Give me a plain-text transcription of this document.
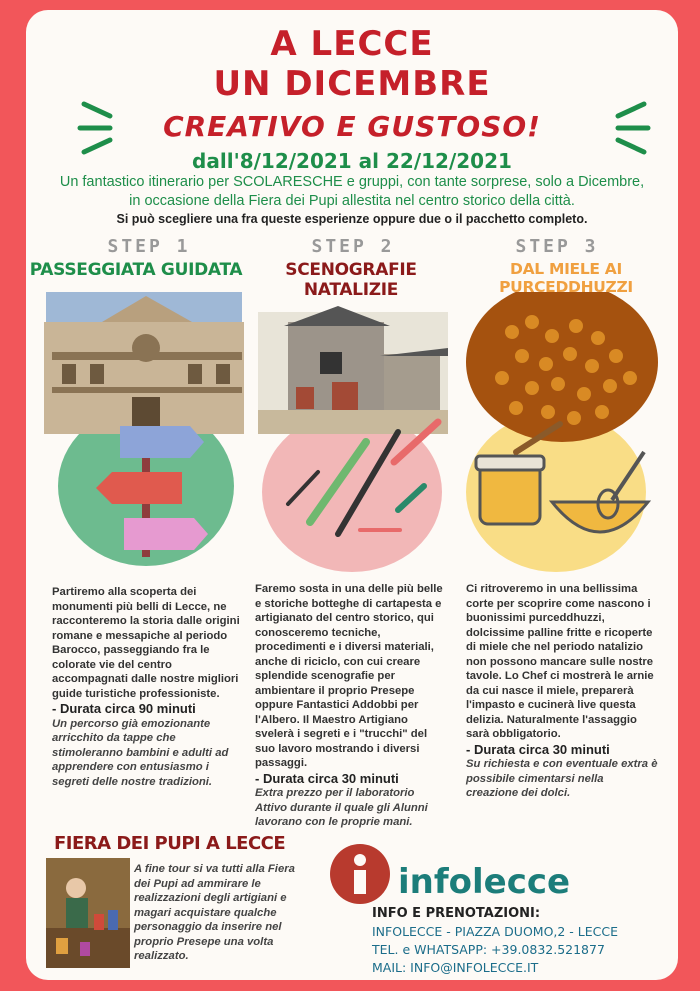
A LECCE
UN DICEMBRE
CREATIVO E GUSTOSO!
dall'8/12/2021 al 22/12/2021
Un fantastico itinerario per SCOLARESCHE e gruppi, con tante sorprese, solo a Dicembre, in occasione della Fiera dei Pupi allestita nel centro storico della città.
Si può scegliere una fra queste esperienze oppure due o il pacchetto completo.
STEP 1	STEP 2	STEP 3
PASSEGGIATA GUIDATA	SCENOGRAFIE NATALIZIE
DAL MIELE AI PURCEDDHUZZI
Partiremo alla scoperta dei monumenti più belli di Lecce, ne racconteremo la storia dalle origini romane e messapiche al periodo Barocco, passeggiando fra le colorate vie del centro accompagnati dalle nostre migliori guide turistiche professioniste.
- Durata circa 90 minuti
Un percorso già emozionante arricchito da tappe che stimoleranno bambini e adulti ad apprendere con entusiasmo i segreti delle nostre tradizioni.
Faremo sosta in una delle più belle e storiche botteghe di cartapesta e artigianato del centro storico, qui conosceremo tecniche, procedimenti e i diversi materiali, anche di riciclo, con cui creare splendide scenografie per ambientare il proprio Presepe oppure Fantastici Addobbi per l'Albero. Il Maestro Artigiano svelerà i segreti e i "trucchi" del suo lavoro mostrando i diversi passaggi.
- Durata circa 30 minuti
Extra prezzo per il laboratorio Attivo durante il quale gli Alunni lavorano con le proprie mani.
Ci ritroveremo in una bellissima corte per scoprire come nascono i buonissimi purceddhuzzi, dolcissime palline fritte e ricoperte di miele che nel periodo natalizio non possono mancare sulle nostre tavole. Lo Chef ci mostrerà le arnie da cui nasce il miele, preparerà l'impasto e cucinerà live questa delizia. Naturalmente l'assaggio sarà obbligatorio.
- Durata circa 30 minuti
Su richiesta e con eventuale extra è possibile cimentarsi nella creazione dei dolci.
FIERA DEI PUPI A LECCE
A fine tour si va tutti alla Fiera dei Pupi ad ammirare le realizzazioni degli artigiani e magari acquistare qualche personaggio da inserire nel proprio Presepe una volta realizzato.
infolecce
INFO E PRENOTAZIONI:
INFOLECCE - PIAZZA DUOMO,2 - LECCE
TEL. e WHATSAPP: +39.0832.521877
MAIL: INFO@INFOLECCE.IT
